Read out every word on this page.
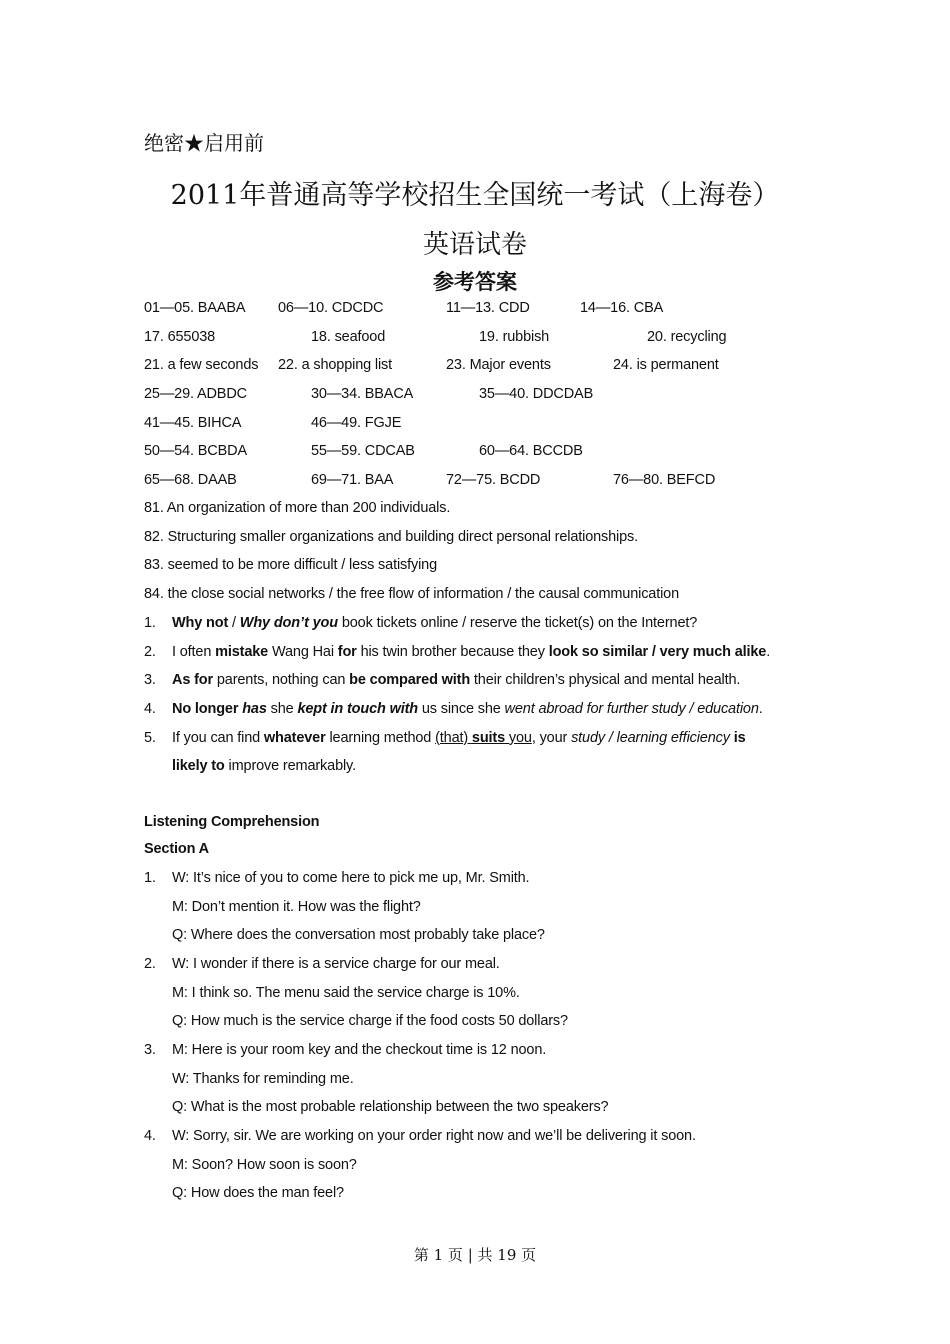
绝密★启用前
2011年普通高等学校招生全国统一考试（上海卷）
英语试卷
参考答案
01—05. BAABA 06—10. CDCDC	11—13. CDD	14—16. CBA
17. 655038	18. seafood	19. rubbish	20. recycling
21. a few seconds 22. a shopping list	23. Major events	24. is permanent
25—29. ADBDC	30—34. BBACA	35—40. DDCDAB
41—45. BIHCA	46—49. FGJE
50—54. BCBDA	55—59. CDCAB	60—64. BCCDB
65—68. DAAB	69—71. BAA	72—75. BCDD	76—80. BEFCD
81. An organization of more than 200 individuals.
82. Structuring smaller organizations and building direct personal relationships.
83. seemed to be more difficult / less satisfying
84. the close social networks / the free flow of information / the causal communication
Why not / Why don’t you book tickets online / reserve the ticket(s) on the Internet?
1.
I often mistake Wang Hai for his twin brother because they look so similar / very much alike.
2.
As for parents, nothing can be compared with their children’s physical and mental health.
3.
No longer has she kept in touch with us since she went abroad for further study / education.
4.
If you can find whatever learning method (that) suits you, your study / learning efficiency is
5.
likely to improve remarkably.
Listening Comprehension
Section A
1. W: It’s nice of you to come here to pick me up, Mr. Smith.
M: Don’t mention it. How was the flight?
Q: Where does the conversation most probably take place?
2. W: I wonder if there is a service charge for our meal.
M: I think so. The menu said the service charge is 10%.
Q: How much is the service charge if the food costs 50 dollars?
3. M: Here is your room key and the checkout time is 12 noon.
W: Thanks for reminding me.
Q: What is the most probable relationship between the two speakers?
4. W: Sorry, sir. We are working on your order right now and we’ll be delivering it soon.
M: Soon? How soon is soon?
Q: How does the man feel?
第 1 页 | 共 19 页
